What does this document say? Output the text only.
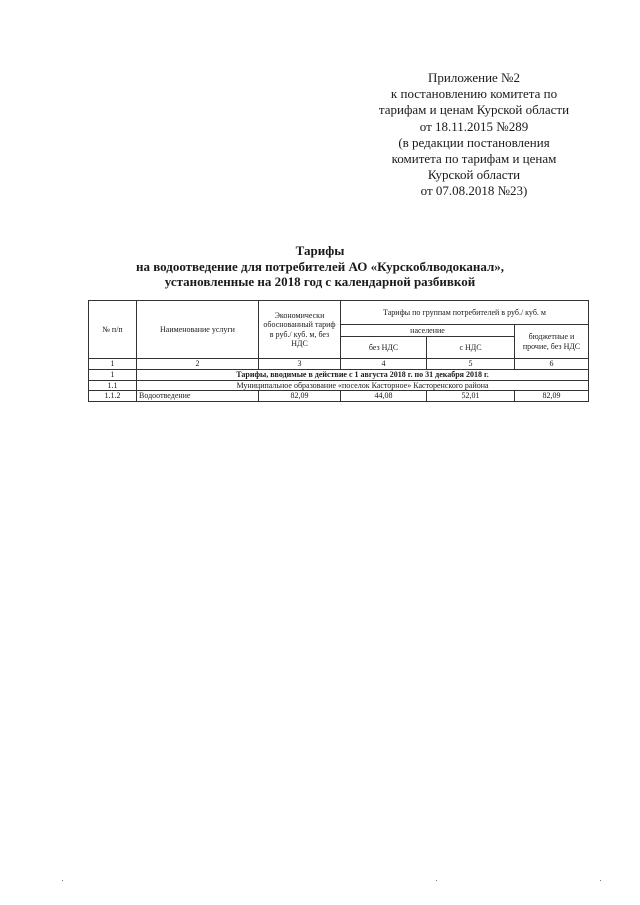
Приложение №2
к постановлению комитета по
тарифам и ценам Курской области
от 18.11.2015 №289
(в редакции постановления
комитета по тарифам и ценам
Курской области
от 07.08.2018 №23)
Тарифы
на водоотведение для потребителей АО «Курскоблводоканал»,
установленные на 2018 год с календарной разбивкой
№ п/п	Наименование услуги	Экономически обоснованный тариф в руб./ куб. м, без НДС	Тарифы по группам потребителей в руб./ куб. м		
			население		бюджетные и прочие, без НДС
			без НДС	с НДС	
1	2	3	4	5	6
1	Тарифы, вводимые в действие с 1 августа 2018 г. по 31 декабря 2018 г.				
1.1	Муниципальное образование «поселок Касторное» Касторенского района				
1.1.2	Водоотведение	82,09	44,08	52,01	82,09
